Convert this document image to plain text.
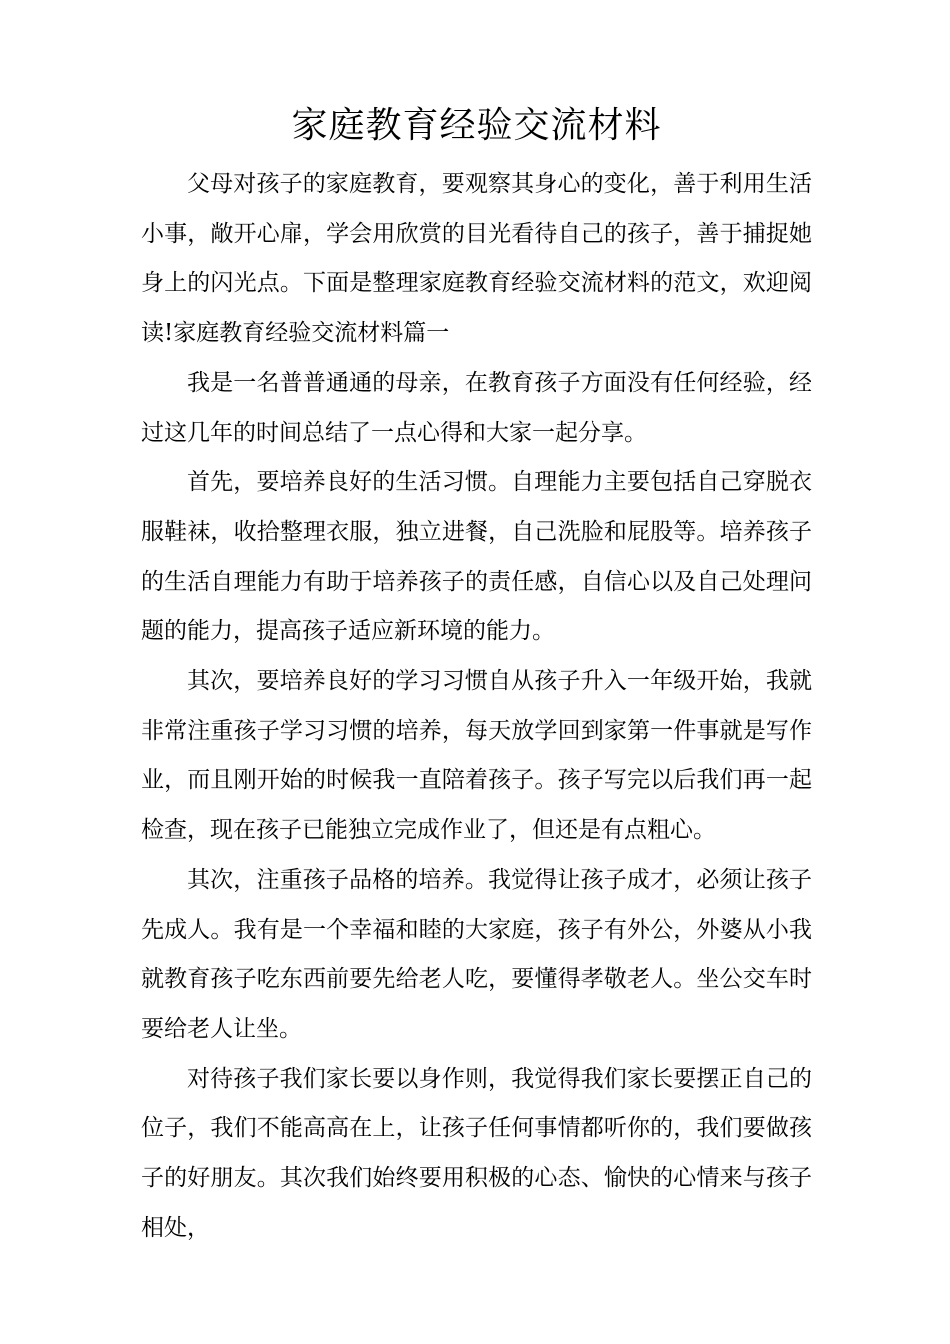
家庭教育经验交流材料

父母对孩子的家庭教育，要观察其身心的变化，善于利用生活小事，敞开心扉，学会用欣赏的目光看待自己的孩子，善于捕捉她身上的闪光点。下面是整理家庭教育经验交流材料的范文，欢迎阅读!家庭教育经验交流材料篇一

我是一名普普通通的母亲，在教育孩子方面没有任何经验，经过这几年的时间总结了一点心得和大家一起分享。

首先，要培养良好的生活习惯。自理能力主要包括自己穿脱衣服鞋袜，收拾整理衣服，独立进餐，自己洗脸和屁股等。培养孩子的生活自理能力有助于培养孩子的责任感，自信心以及自己处理问题的能力，提高孩子适应新环境的能力。

其次，要培养良好的学习习惯自从孩子升入一年级开始，我就非常注重孩子学习习惯的培养，每天放学回到家第一件事就是写作业，而且刚开始的时候我一直陪着孩子。孩子写完以后我们再一起检查，现在孩子已能独立完成作业了，但还是有点粗心。

其次，注重孩子品格的培养。我觉得让孩子成才，必须让孩子先成人。我有是一个幸福和睦的大家庭，孩子有外公，外婆从小我就教育孩子吃东西前要先给老人吃，要懂得孝敬老人。坐公交车时要给老人让坐。

对待孩子我们家长要以身作则，我觉得我们家长要摆正自己的位子，我们不能高高在上，让孩子任何事情都听你的，我们要做孩子的好朋友。其次我们始终要用积极的心态、愉快的心情来与孩子相处，
